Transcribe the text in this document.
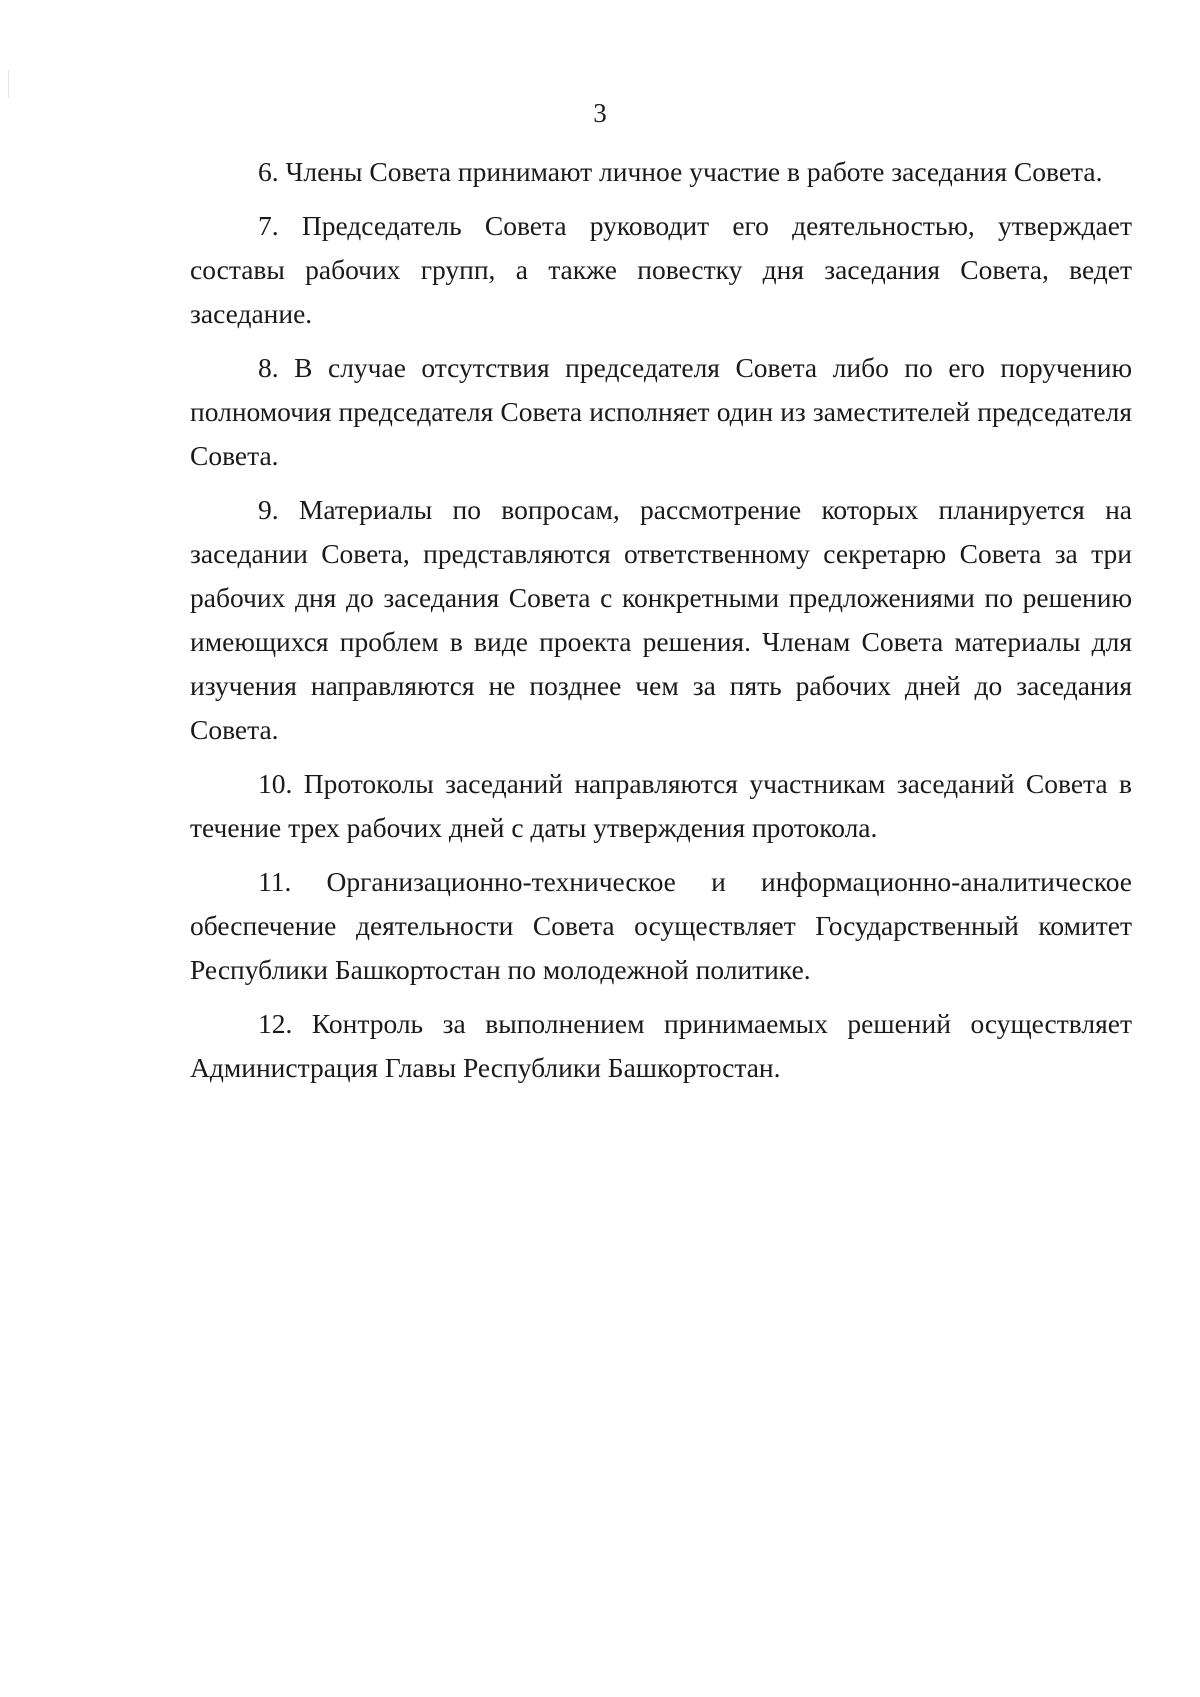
3

6. Члены Совета принимают личное участие в работе заседания Совета.

7. Председатель Совета руководит его деятельностью, утверждает составы рабочих групп, а также повестку дня заседания Совета, ведет заседание.

8. В случае отсутствия председателя Совета либо по его поручению полномочия председателя Совета исполняет один из заместителей председателя Совета.

9. Материалы по вопросам, рассмотрение которых планируется на заседании Совета, представляются ответственному секретарю Совета за три рабочих дня до заседания Совета с конкретными предложениями по решению имеющихся проблем в виде проекта решения. Членам Совета материалы для изучения направляются не позднее чем за пять рабочих дней до заседания Совета.

10. Протоколы заседаний направляются участникам заседаний Совета в течение трех рабочих дней с даты утверждения протокола.

11. Организационно-техническое и информационно-аналитическое обеспечение деятельности Совета осуществляет Государственный комитет Республики Башкортостан по молодежной политике.

12. Контроль за выполнением принимаемых решений осуществляет Администрация Главы Республики Башкортостан.
